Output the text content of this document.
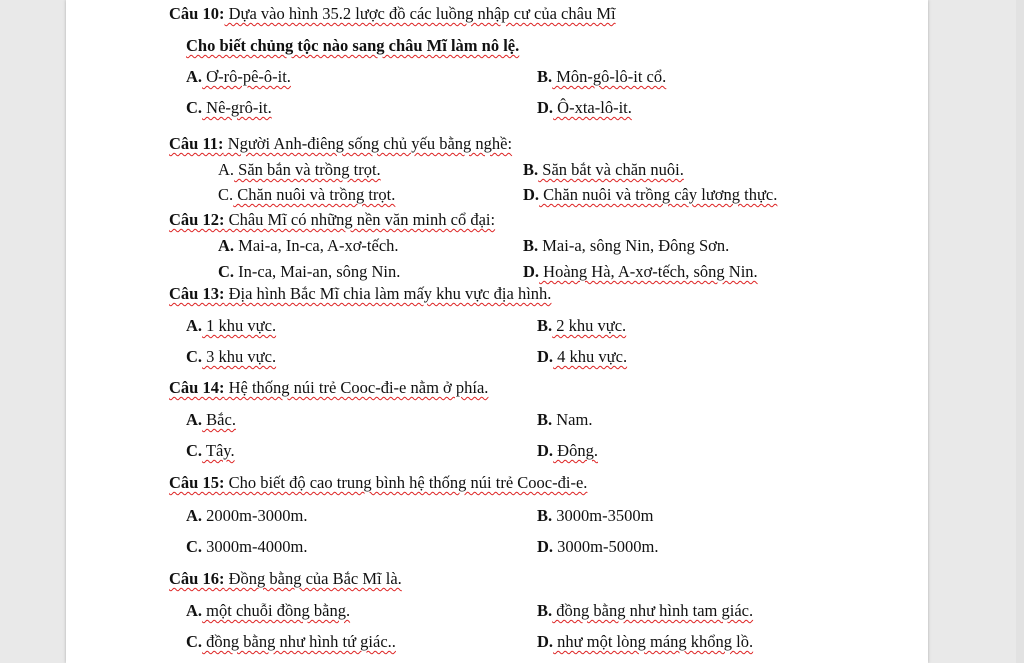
Câu 10: Dựa vào hình 35.2 lược đồ các luồng nhập cư của châu Mĩ
Cho biết chủng tộc nào sang châu Mĩ làm nô lệ.
A. Ơ-rô-pê-ô-it.	B. Môn-gô-lô-it cổ.
C. Nê-grô-it.	D. Ô-xta-lô-it.
Câu 11: Người Anh-điêng sống chủ yếu bằng nghề:
A. Săn bắn và trồng trọt.	B. Săn bắt và chăn nuôi.
C. Chăn nuôi và trồng trọt.	D. Chăn nuôi và trồng cây lương thực.
Câu 12: Châu Mĩ có những nền văn minh cổ đại:
A. Mai-a, In-ca, A-xơ-tếch.	B. Mai-a, sông Nin, Đông Sơn.
C. In-ca, Mai-an, sông Nin.	D. Hoàng Hà, A-xơ-tếch, sông Nin.
Câu 13: Địa hình Bắc Mĩ chia làm mấy khu vực địa hình.
A. 1 khu vực.	B. 2 khu vực.
C. 3 khu vực.	D. 4 khu vực.
Câu 14: Hệ thống núi trẻ Cooc-đi-e nằm ở phía.
A. Bắc.	B. Nam.
C. Tây.	D. Đông.
Câu 15: Cho biết độ cao trung bình hệ thống núi trẻ Cooc-đi-e.
A. 2000m-3000m.	B. 3000m-3500m
C. 3000m-4000m.	D. 3000m-5000m.
Câu 16: Đồng bằng của Bắc Mĩ là.
A. một chuỗi đồng bằng.	B. đồng bằng như hình tam giác.
C. đồng bằng như hình tứ giác..	D. như một lòng máng khổng lồ.
